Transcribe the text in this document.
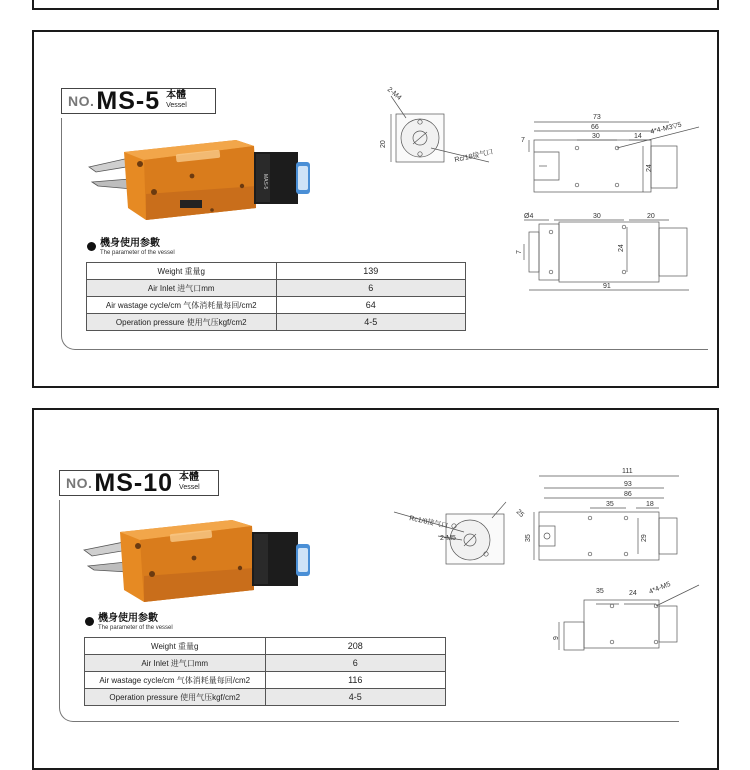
NO. MS-5 本體
Vessel
MAS-5
機身使用参數
The parameter of the vessel
Weight 重量g	139
Air Inlet 进气口mm	6
Air wastage cycle/cm 气体消耗量每回/cm2	64
Operation pressure 使用气压kgf/cm2	4-5
2-M4
20
Rc/18接气口
73
66
30	14
4*4-M3▽5
7
24
Ø4	30	20
7
24
91
NO. MS-10 本體
Vessel
機身使用参數
The parameter of the vessel
Weight 重量g	208
Air Inlet 进气口mm	6
Air wastage cycle/cm 气体消耗量每回/cm2	116
Operation pressure 使用气压kgf/cm2	4-5
Rc1/8接气口
25
2-M5
111
93
86
35	18
35	29
35	24 4*4-M5
9
